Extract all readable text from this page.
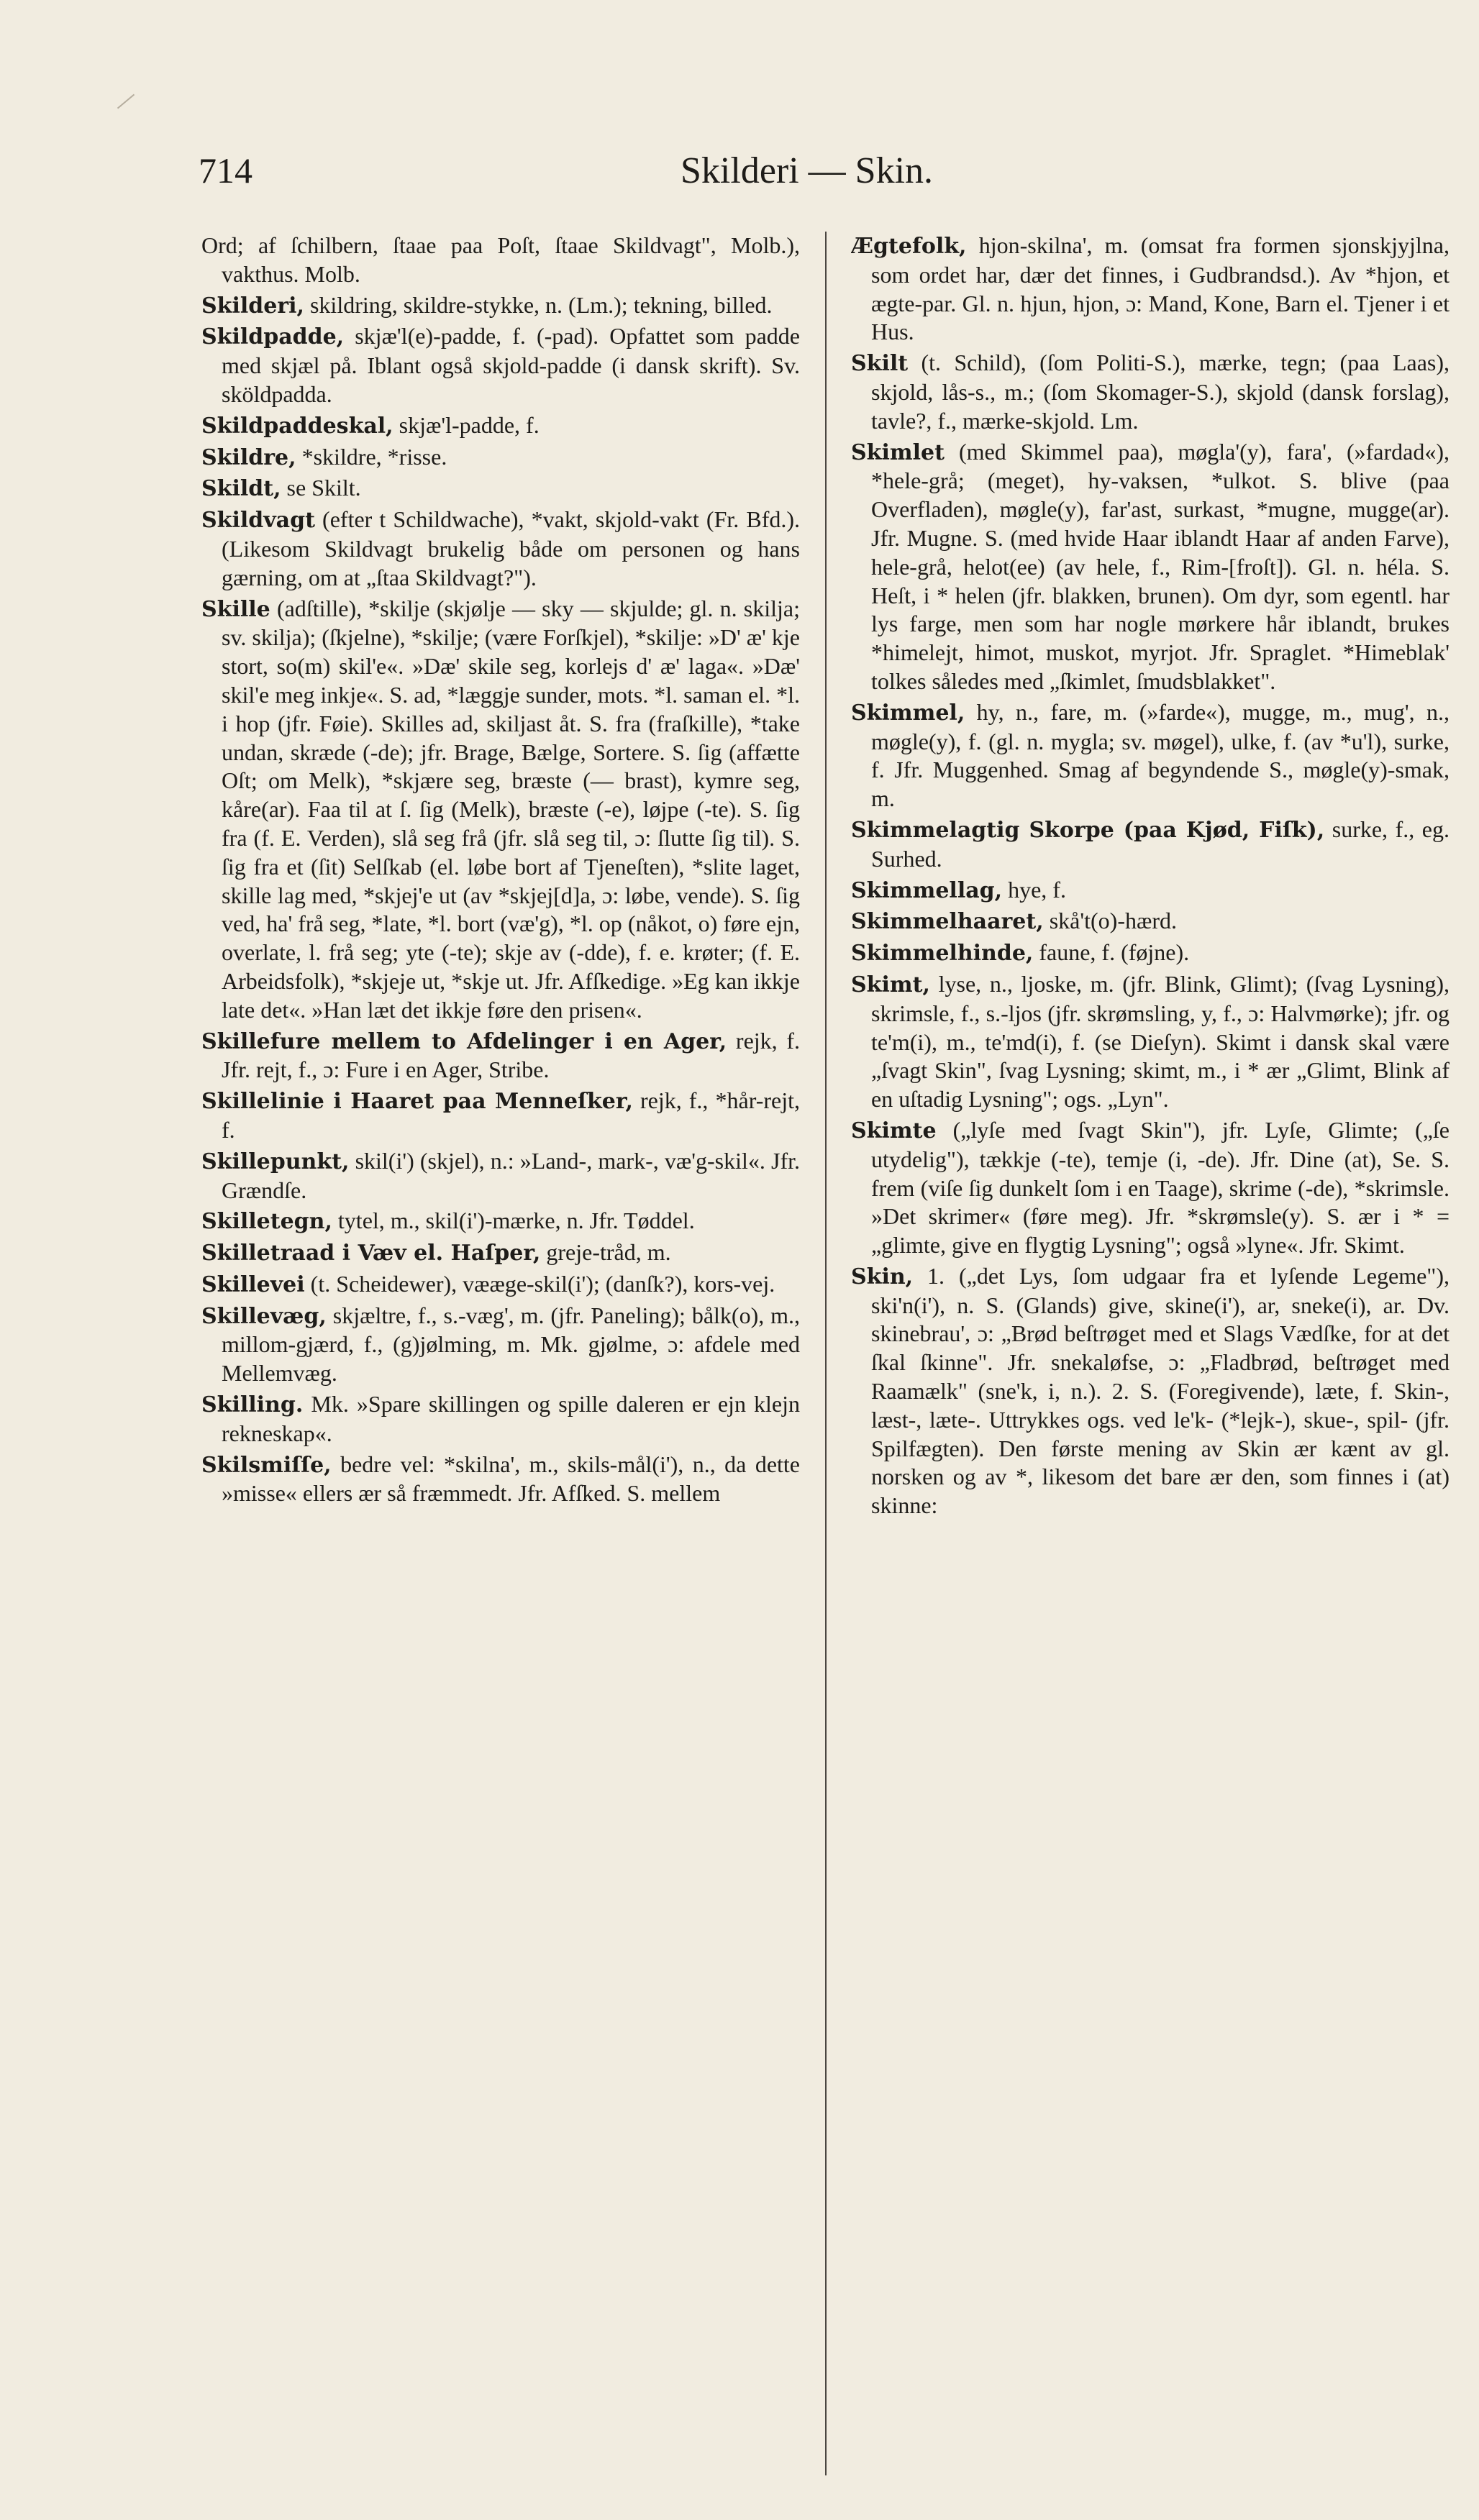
714	Skilderi — Skin.

Ord; af ſchilbern, ſtaae paa Poſt, ſtaae Skildvagt", Molb.), vakthus. Molb.

Skilderi, skildring, skildre-stykke, n. (Lm.); tekning, billed.

Skildpadde, skjæ'l(e)-padde, f. (-pad). Opfattet som padde med skjæl på. Iblant også skjold-padde (i dansk skrift). Sv. sköldpadda.

Skildpaddeskal, skjæ'l-padde, f.

Skildre, *skildre, *risse.

Skildt, se Skilt.

Skildvagt (efter t Schildwache), *vakt, skjold-vakt (Fr. Bfd.). (Likesom Skildvagt brukelig både om personen og hans gærning, om at „ſtaa Skildvagt?").

Skille (adſtille), *skilje (skjølje — sky — skjulde; gl. n. skilja; sv. skilja); (ſkjelne), *skilje; (være Forſkjel), *skilje: »D' æ' kje stort, so(m) skil'e«. »Dæ' skile seg, korlejs d' æ' laga«. »Dæ' skil'e meg inkje«. S. ad, *læggje sunder, mots. *l. saman el. *l. i hop (jfr. Føie). Skilles ad, skiljast åt. S. fra (fraſkille), *take undan, skræde (-de); jfr. Brage, Bælge, Sortere. S. ſig (affætte Oſt; om Melk), *skjære seg, bræste (— brast), kymre seg, kåre(ar). Faa til at ſ. ſig (Melk), bræste (-e), løjpe (-te). S. ſig fra (f. E. Verden), slå seg frå (jfr. slå seg til, ɔ: ſlutte ſig til). S. ſig fra et (ſit) Selſkab (el. løbe bort af Tjeneſten), *slite laget, skille lag med, *skjej'e ut (av *skjej[d]a, ɔ: løbe, vende). S. ſig ved, ha' frå seg, *late, *l. bort (væ'g), *l. op (nåkot, o) føre ejn, overlate, l. frå seg; yte (-te); skje av (-dde), f. e. krøter; (f. E. Arbeidsfolk), *skjeje ut, *skje ut. Jfr. Afſkedige. »Eg kan ikkje late det«. »Han læt det ikkje føre den prisen«.

Skillefure mellem to Afdelinger i en Ager, rejk, f. Jfr. rejt, f., ɔ: Fure i en Ager, Stribe.

Skillelinie i Haaret paa Menneſker, rejk, f., *hår-rejt, f.

Skillepunkt, skil(i') (skjel), n.: »Land-, mark-, væ'g-skil«. Jfr. Grændſe.

Skilletegn, tytel, m., skil(i')-mærke, n. Jfr. Tøddel.

Skilletraad i Væv el. Haſper, greje-tråd, m.

Skillevei (t. Scheidewer), vææge-skil(i'); (danſk?), kors-vej.

Skillevæg, skjæltre, f., s.-væg', m. (jfr. Paneling); bålk(o), m., millom-gjærd, f., (g)jølming, m. Mk. gjølme, ɔ: afdele med Mellemvæg.

Skilling. Mk. »Spare skillingen og spille daleren er ejn klejn rekneskap«.

Skilsmiſſe, bedre vel: *skilna', m., skils-mål(i'), n., da dette »misse« ellers ær så fræmmedt. Jfr. Afſked. S. mellem

Ægtefolk, hjon-skilna', m. (omsat fra formen sjonskjyjlna, som ordet har, dær det finnes, i Gudbrandsd.). Av *hjon, et ægte-par. Gl. n. hjun, hjon, ɔ: Mand, Kone, Barn el. Tjener i et Hus.

Skilt (t. Schild), (ſom Politi-S.), mærke, tegn; (paa Laas), skjold, lås-s., m.; (ſom Skomager-S.), skjold (dansk forslag), tavle?, f., mærke-skjold. Lm.

Skimlet (med Skimmel paa), møgla'(y), fara', (»fardad«), *hele-grå; (meget), hy-vaksen, *ulkot. S. blive (paa Overfladen), møgle(y), far'ast, surkast, *mugne, mugge(ar). Jfr. Mugne. S. (med hvide Haar iblandt Haar af anden Farve), hele-grå, helot(ee) (av hele, f., Rim-[froſt]). Gl. n. héla. S. Heſt, i * helen (jfr. blakken, brunen). Om dyr, som egentl. har lys farge, men som har nogle mørkere hår iblandt, brukes *himelejt, himot, muskot, myrjot. Jfr. Spraglet. *Himeblak' tolkes således med „ſkimlet, ſmudsblakket".

Skimmel, hy, n., fare, m. (»farde«), mugge, m., mug', n., møgle(y), f. (gl. n. mygla; sv. møgel), ulke, f. (av *u'l), surke, f. Jfr. Muggenhed. Smag af begyndende S., møgle(y)-smak, m.

Skimmelagtig Skorpe (paa Kjød, Fiſk), surke, f., eg. Surhed.

Skimmellag, hye, f.

Skimmelhaaret, skå't(o)-hærd.

Skimmelhinde, faune, f. (føjne).

Skimt, lyse, n., ljoske, m. (jfr. Blink, Glimt); (ſvag Lysning), skrimsle, f., s.-ljos (jfr. skrømsling, y, f., ɔ: Halvmørke); jfr. og te'm(i), m., te'md(i), f. (se Dieſyn). Skimt i dansk skal være „ſvagt Skin", ſvag Lysning; skimt, m., i * ær „Glimt, Blink af en uſtadig Lysning"; ogs. „Lyn".

Skimte („lyſe med ſvagt Skin"), jfr. Lyſe, Glimte; („ſe utydelig"), tækkje (-te), temje (i, -de). Jfr. Dine (at), Se. S. frem (viſe ſig dunkelt ſom i en Taage), skrime (-de), *skrimsle. »Det skrimer« (føre meg). Jfr. *skrømsle(y). S. ær i * = „glimte, give en flygtig Lysning"; også »lyne«. Jfr. Skimt.

Skin, 1. („det Lys, ſom udgaar fra et lyſende Legeme"), ski'n(i'), n. S. (Glands) give, skine(i'), ar, sneke(i), ar. Dv. skinebrau', ɔ: „Brød beſtrøget med et Slags Vædſke, for at det ſkal ſkinne". Jfr. snekaløfse, ɔ: „Fladbrød, beſtrøget med Raamælk" (sne'k, i, n.). 2. S. (Foregivende), læte, f. Skin-, læst-, læte-. Uttrykkes ogs. ved le'k- (*lejk-), skue-, spil- (jfr. Spilfægten). Den første mening av Skin ær kænt av gl. norsken og av *, likesom det bare ær den, som finnes i (at) skinne:
